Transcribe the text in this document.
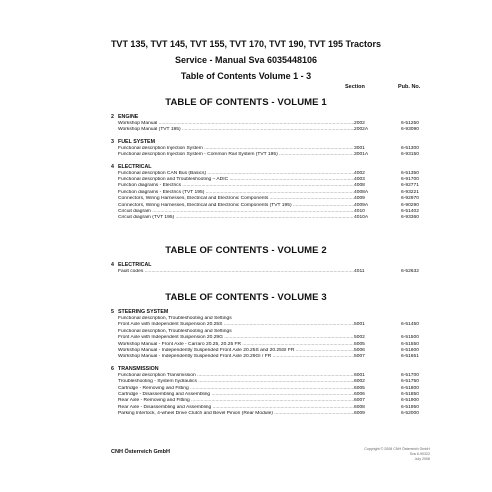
TVT 135, TVT 145, TVT 155, TVT 170, TVT 190, TVT 195 Tractors
Service - Manual Sva 6035448106
Table of Contents Volume 1 - 3
Section	Pub. No.
TABLE OF CONTENTS - VOLUME 1
TABLE OF CONTENTS - VOLUME 2
TABLE OF CONTENTS - VOLUME 3
2 ENGINE
Workshop Manual .....	2002	6-51250
Workshop Manual (TVT 195) .....	2002A	6-93090
3 FUEL SYSTEM
Functional description Injection System .....	3001	6-51300
Functional description Injection System - Common Rail System (TVT 195) .....	3001A	6-93150
4 ELECTRICAL
Functional description CAN Bus (Basics) .....	4002	6-51350
Functional description and Troubleshooting – ADIC .....	4003	6-91700
Function diagrams - Electrics .....	4008	6-92771
Function diagrams - Electrics (TVT 195) .....	4008A	6-93221
Connectors, Wiring Harnesses, Electrical and Electronic Components .....	4009	6-92970
Connectors, Wiring Harnesses, Electrical and Electronic Components (TVT 195) .....	4009A	6-90290
Circuit diagram .....	4010	6-51402
Circuit diagram (TVT 195) .....	4010A	6-93360
4 ELECTRICAL
Fault codes .....	4011	6-52632
5 STEERING SYSTEM
Functional description, Troubleshooting and Settings
Front Axle with Independent Suspension 20.25S .....	5001	6-51450
Functional description, Troubleshooting and Settings
Front Axle with Independent Suspension 20.29G .....	5002	6-51500
Workshop Manual - Front Axle - Carraro 20.25, 20.25 FR .....	5005	6-51550
Workshop Manual - Independently Suspended Front Axle 20.25S and 20.25SI FR .....	5006	6-51600
Workshop Manual - Independently Suspended Front Axle 20.29GI / FR .....	5007	6-51651
6 TRANSMISSION
Functional description Transmission .....	6001	6-51700
Troubleshooting - System hydraulics .....	6002	6-51750
Cartridge - Removing and Fitting .....	6005	6-51800
Cartridge - Disassembling and Assembling .....	6006	6-51850
Rear Axle - Removing and Fitting .....	6007	6-51900
Rear Axle - Disassembling and Assembling .....	6008	6-51950
Parking Interlock, 4-wheel Drive Clutch and Bevel Pinion (Rear Module) .....	6009	6-52000
CNH Österreich GmbH	Copyright © 2008 CNH Österreich GmbH
Sva 6-90322
July 2008
